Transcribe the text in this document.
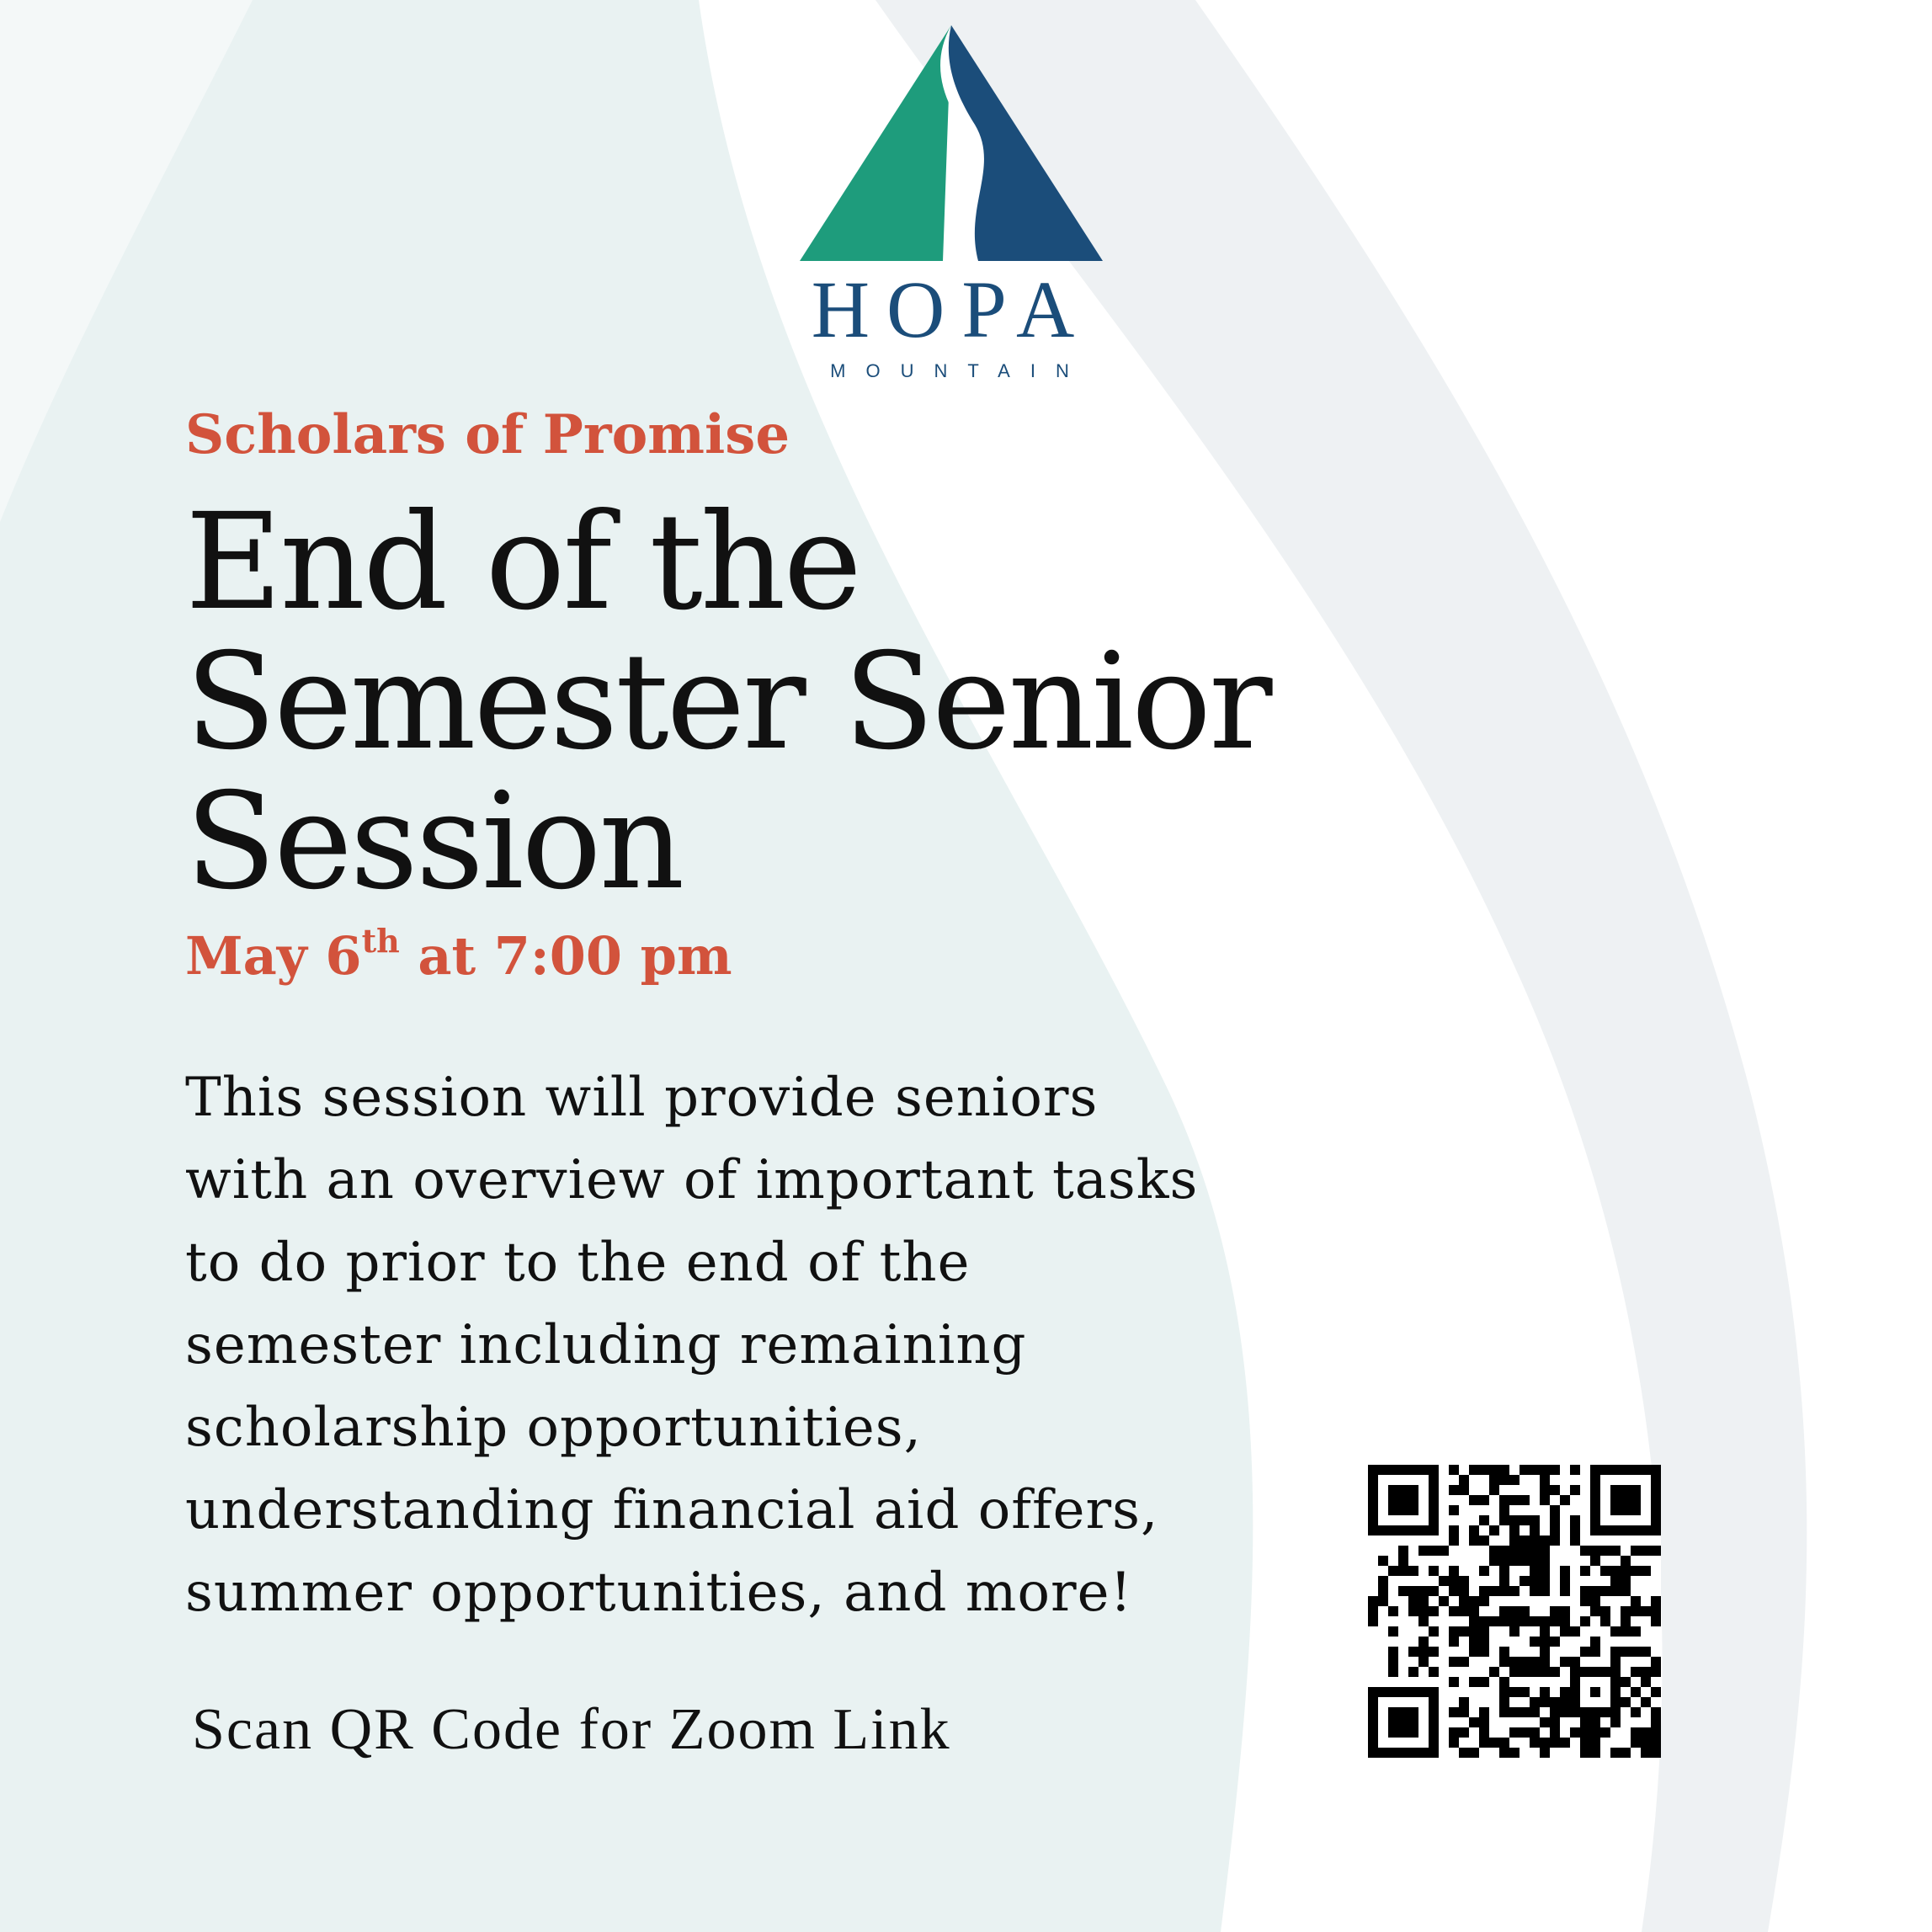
HOPA
MOUNTAIN
Scholars of Promise
End of the
Semester Senior
Session
May 6th at 7:00 pm
This session will provide seniors
with an overview of important tasks
to do prior to the end of the
semester including remaining
scholarship opportunities,
understanding financial aid offers,
summer opportunities, and more!
Scan QR Code for Zoom Link
